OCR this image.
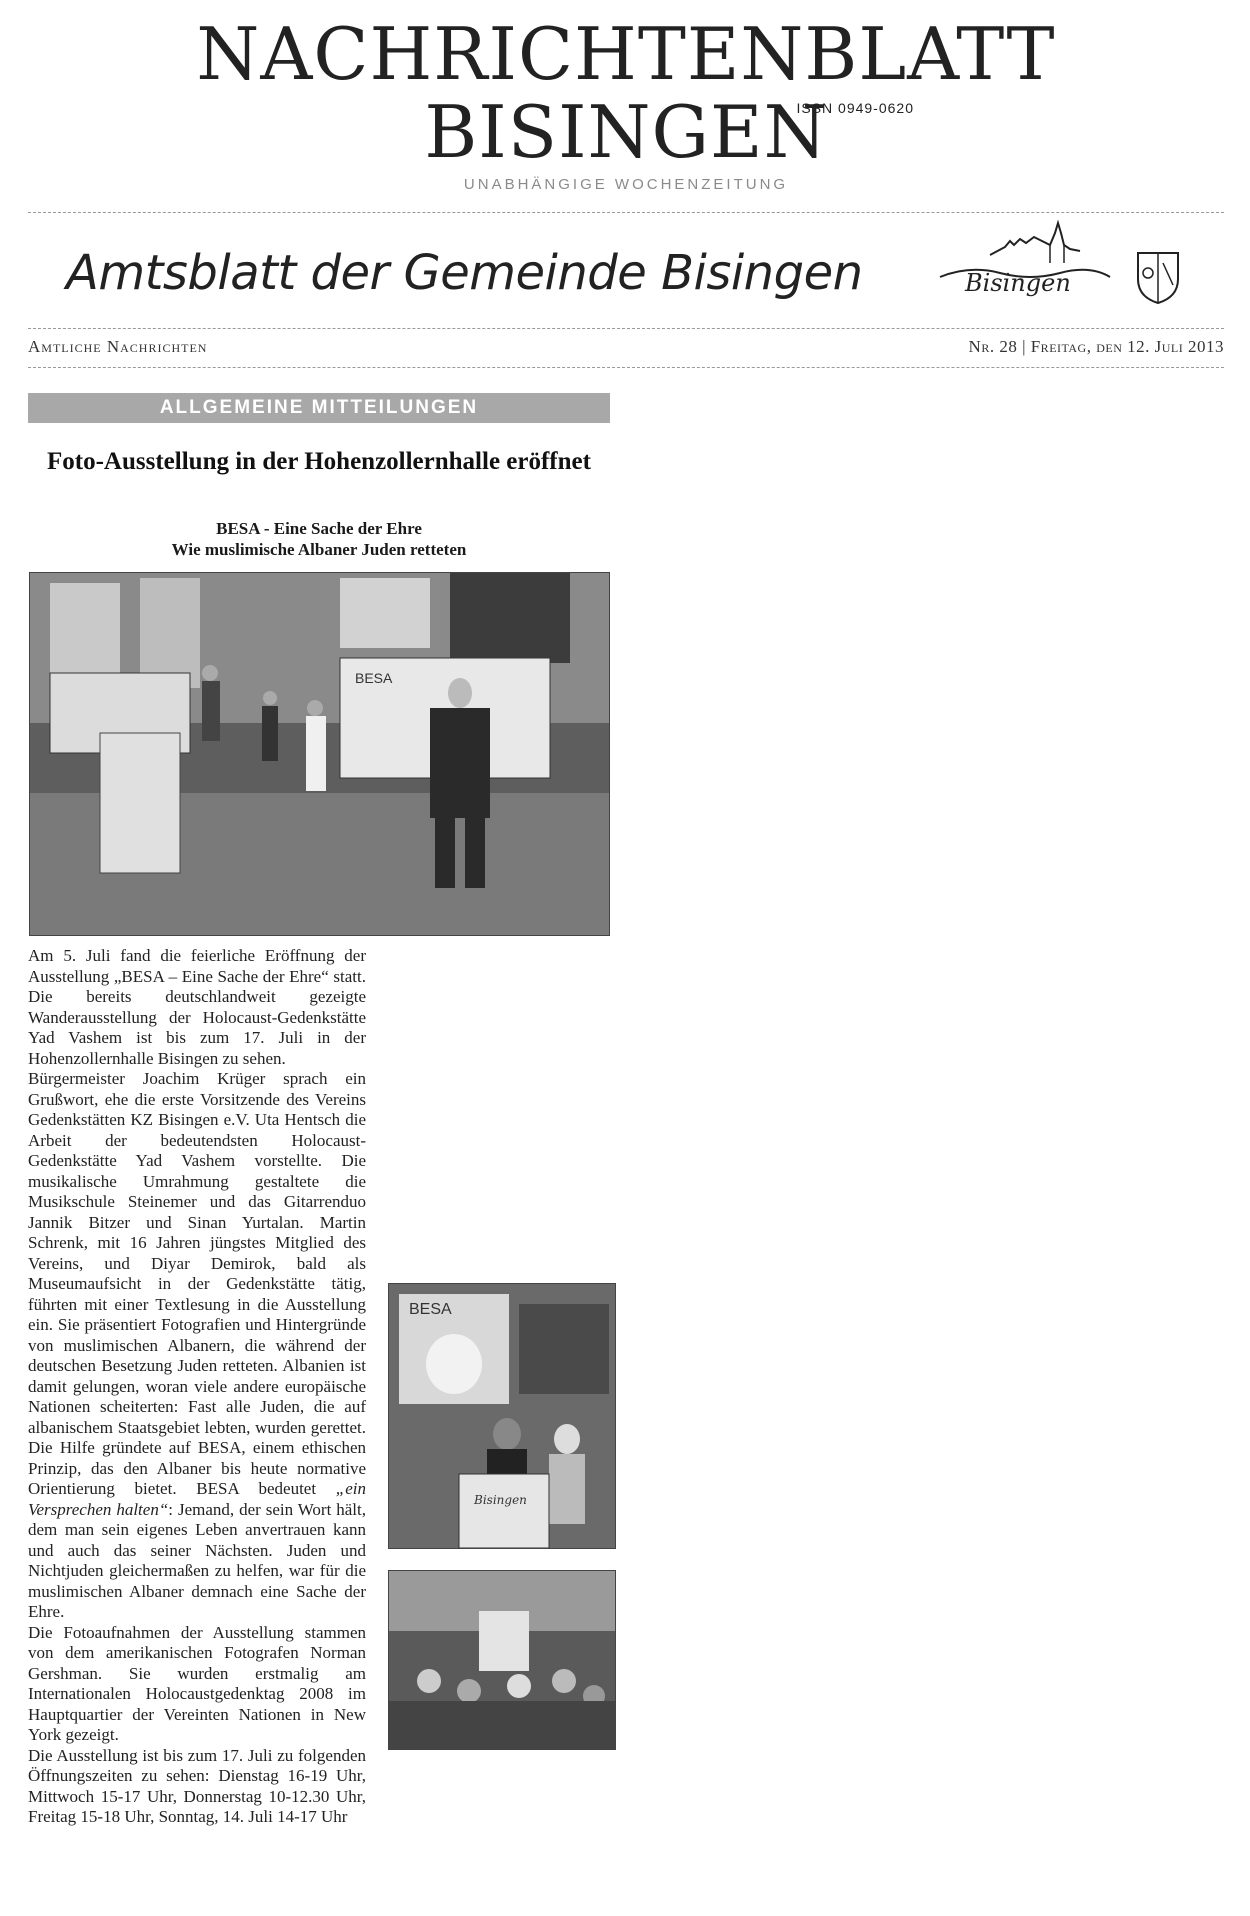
NACHRICHTENBLATT
BISINGEN
ISSN 0949-0620
UNABHÄNGIGE WOCHENZEITUNG
Amtsblatt der Gemeinde Bisingen	Bisingen
Amtliche Nachrichten	Nr. 28 | Freitag, den 12. Juli 2013
ALLGEMEINE MITTEILUNGEN
Foto-Ausstellung in der Hohenzollernhalle eröffnet
BESA - Eine Sache der Ehre
Wie muslimische Albaner Juden retteten
BESA
BESA
Bisingen

Am 5. Juli fand die feierliche Eröffnung der Ausstellung „BESA – Eine Sache der Ehre“ statt. Die bereits deutschlandweit gezeigte Wanderausstellung der Holocaust-Gedenkstätte Yad Vashem ist bis zum 17. Juli in der Hohenzollernhalle Bisingen zu sehen.

Bürgermeister Joachim Krüger sprach ein Grußwort, ehe die erste Vorsitzende des Vereins Gedenkstätten KZ Bisingen e.V. Uta Hentsch die Arbeit der bedeutendsten Holocaust-Gedenkstätte Yad Vashem vorstellte. Die musikalische Umrahmung gestaltete die Musikschule Steinemer und das Gitarrenduo Jannik Bitzer und Sinan Yurtalan. Martin Schrenk, mit 16 Jahren jüngstes Mitglied des Vereins, und Diyar Demirok, bald als Museumaufsicht in der Gedenkstätte tätig, führten mit einer Textlesung in die Ausstellung ein. Sie präsentiert Fotografien und Hintergründe von muslimischen Albanern, die während der deutschen Besetzung Juden retteten. Albanien ist damit gelungen, woran viele andere europäische Nationen scheiterten: Fast alle Juden, die auf albanischem Staatsgebiet lebten, wurden gerettet. Die Hilfe gründete auf BESA, einem ethischen Prinzip, das den Albaner bis heute normative Orientierung bietet. BESA bedeutet „ein Versprechen halten“: Jemand, der sein Wort hält, dem man sein eigenes Leben anvertrauen kann und auch das seiner Nächsten. Juden und Nichtjuden gleichermaßen zu helfen, war für die muslimischen Albaner demnach eine Sache der Ehre.

Die Fotoaufnahmen der Ausstellung stammen von dem amerikanischen Fotografen Norman Gershman. Sie wurden erstmalig am Internationalen Holocaustgedenktag 2008 im Hauptquartier der Vereinten Nationen in New York gezeigt.

Die Ausstellung ist bis zum 17. Juli zu folgenden Öffnungszeiten zu sehen: Dienstag 16-19 Uhr, Mittwoch 15-17 Uhr, Donnerstag 10-12.30 Uhr, Freitag 15-18 Uhr, Sonntag, 14. Juli 14-17 Uhr
